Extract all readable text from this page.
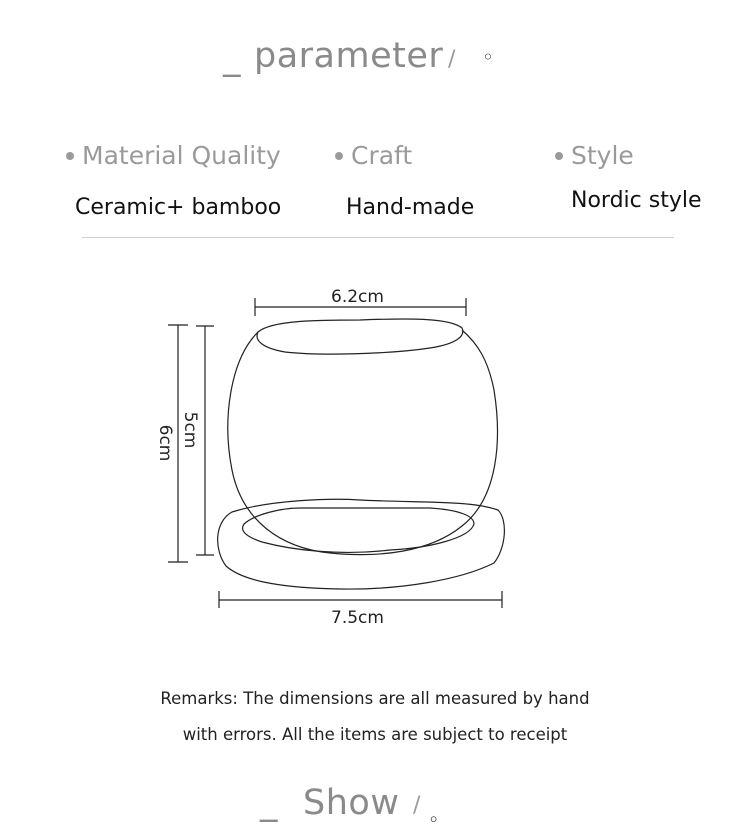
_ parameter / ◦
Material Quality	Craft	Style
Ceramic+ bamboo	Hand-made	Nordic style
6.2cm
5cm
6cm
7.5cm
Remarks: The dimensions are all measured by hand
with errors. All the items are subject to receipt
_ Show / 。
